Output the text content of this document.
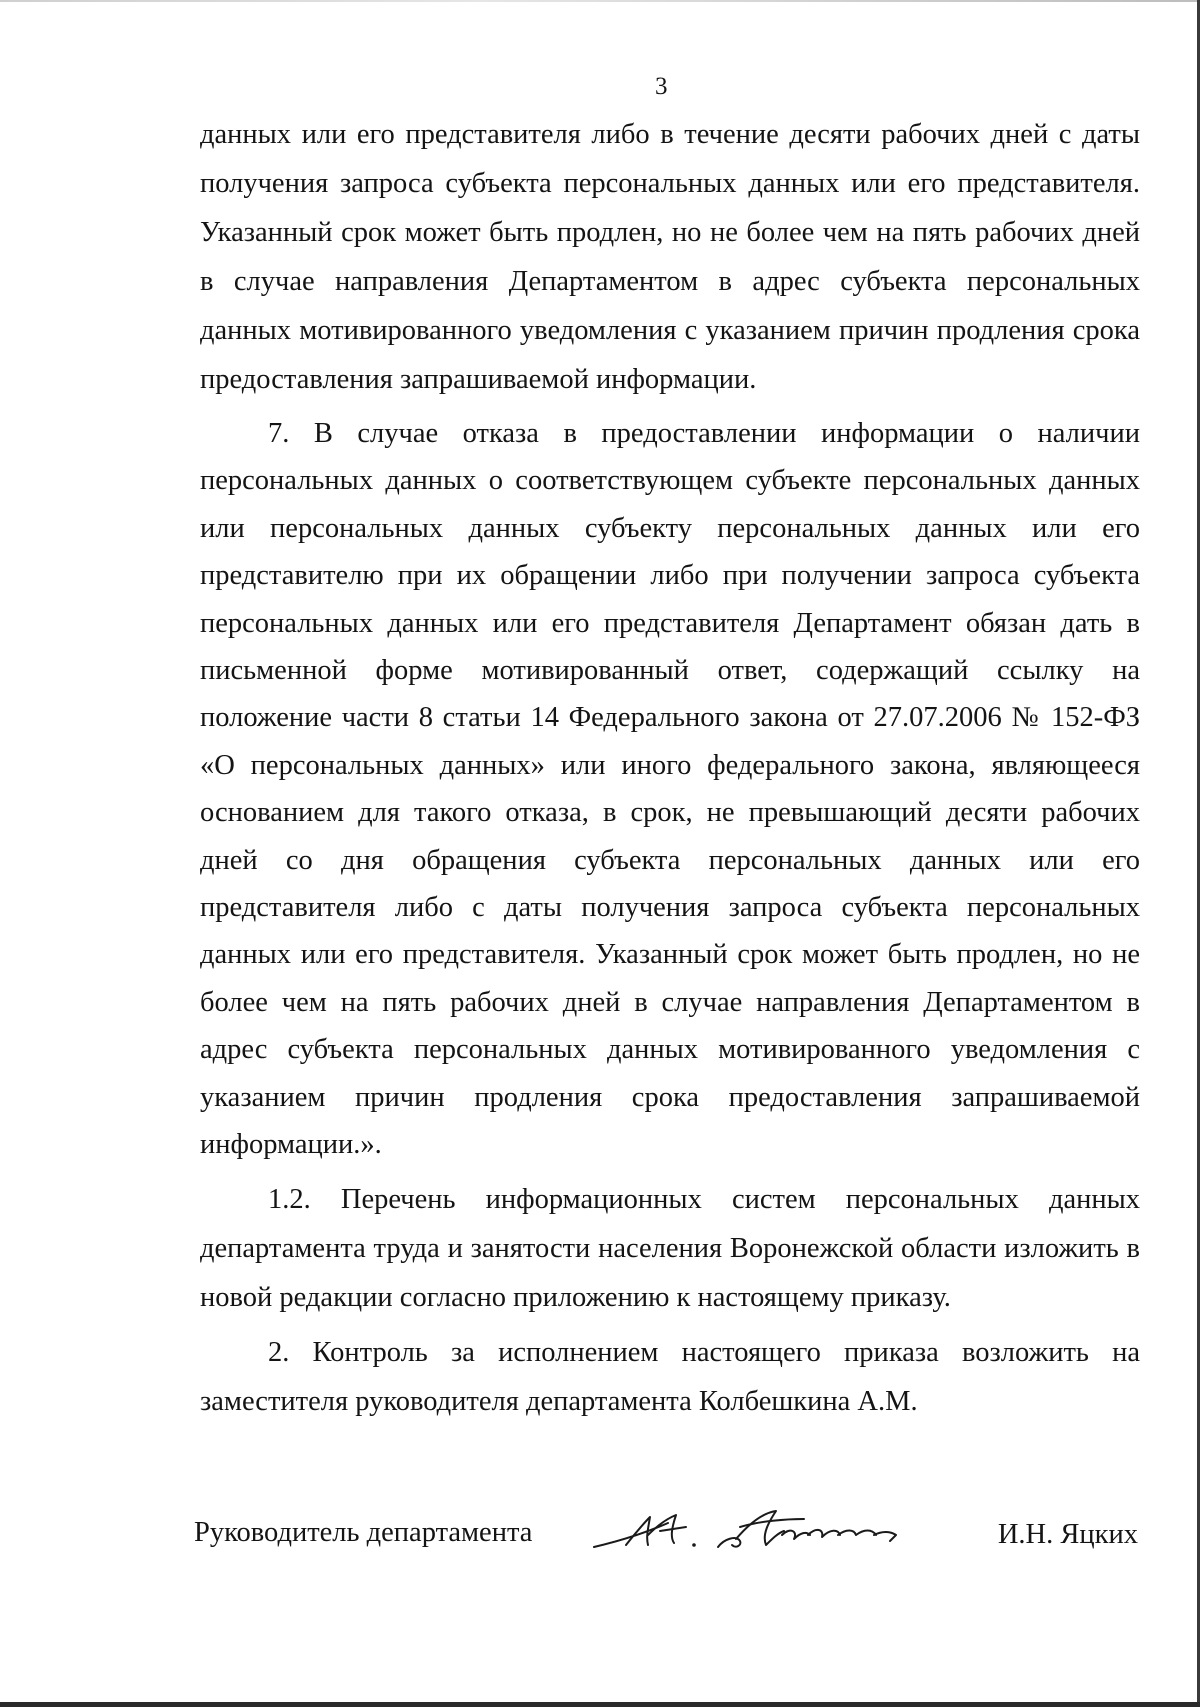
3

данных или его представителя либо в течение десяти рабочих дней с даты получения запроса субъекта персональных данных или его представителя. Указанный срок может быть продлен, но не более чем на пять рабочих дней в случае направления Департаментом в адрес субъекта персональных данных мотивированного уведомления с указанием причин продления срока предоставления запрашиваемой информации.

7. В случае отказа в предоставлении информации о наличии персональных данных о соответствующем субъекте персональных данных или персональных данных субъекту персональных данных или его представителю при их обращении либо при получении запроса субъекта персональных данных или его представителя Департамент обязан дать в письменной форме мотивированный ответ, содержащий ссылку на положение части 8 статьи 14 Федерального закона от 27.07.2006 № 152-ФЗ «О персональных данных» или иного федерального закона, являющееся основанием для такого отказа, в срок, не превышающий десяти рабочих дней со дня обращения субъекта персональных данных или его представителя либо с даты получения запроса субъекта персональных данных или его представителя. Указанный срок может быть продлен, но не более чем на пять рабочих дней в случае направления Департаментом в адрес субъекта персональных данных мотивированного уведомления с указанием причин продления срока предоставления запрашиваемой информации.».

1.2. Перечень информационных систем персональных данных департамента труда и занятости населения Воронежской области изложить в новой редакции согласно приложению к настоящему приказу.

2. Контроль за исполнением настоящего приказа возложить на заместителя руководителя департамента Колбешкина А.М.

Руководитель департамента	И.Н. Яцких
